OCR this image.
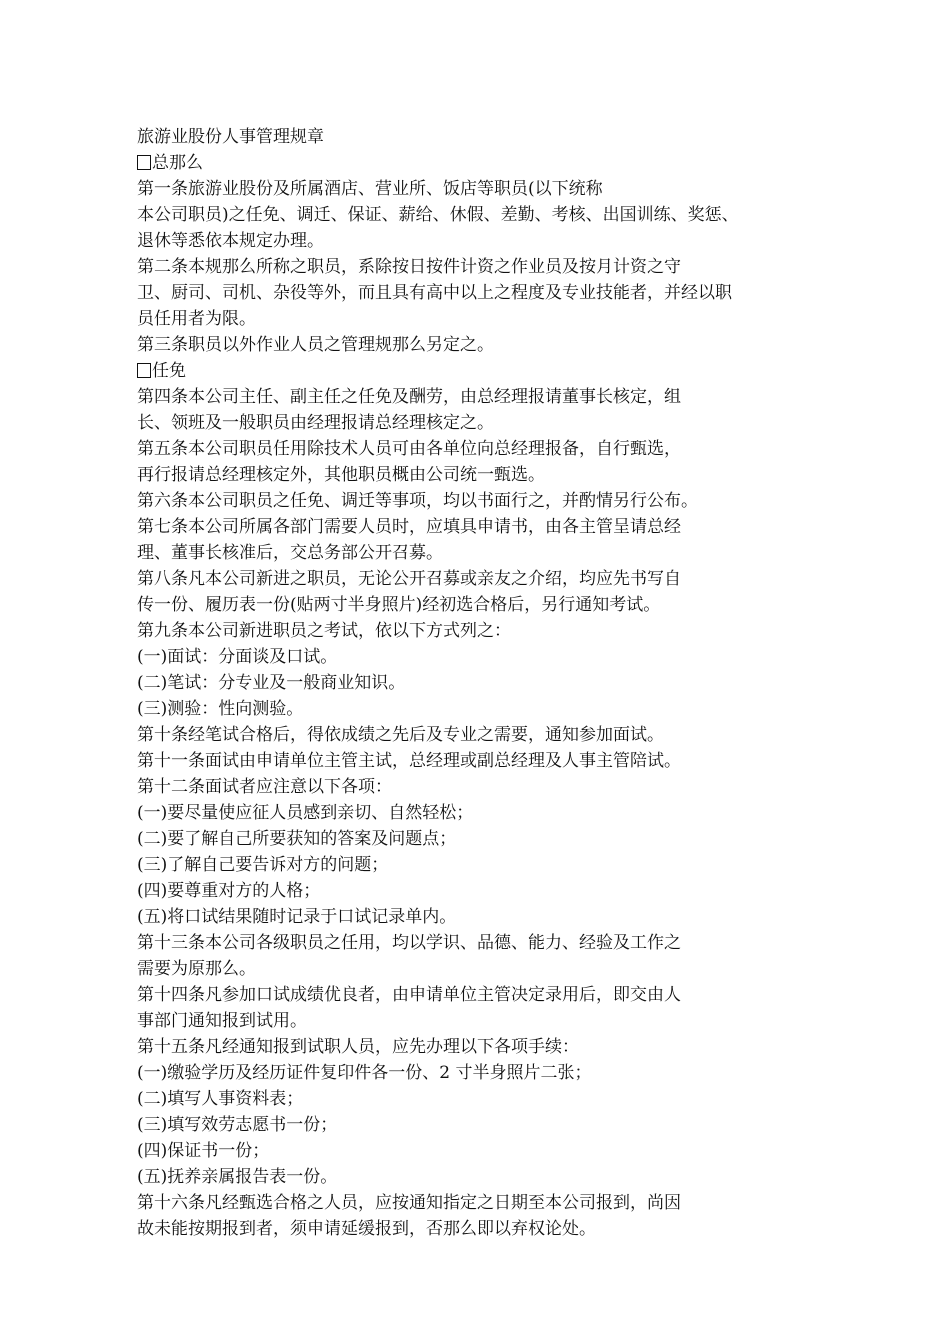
旅游业股份人事管理规章
总那么
第一条旅游业股份及所属酒店、营业所、饭店等职员(以下统称
本公司职员)之任免、调迁、保证、薪给、休假、差勤、考核、出国训练、奖惩、
退休等悉依本规定办理。
第二条本规那么所称之职员，系除按日按件计资之作业员及按月计资之守
卫、厨司、司机、杂役等外，而且具有高中以上之程度及专业技能者，并经以职
员任用者为限。
第三条职员以外作业人员之管理规那么另定之。
任免
第四条本公司主任、副主任之任免及酬劳，由总经理报请董事长核定，组
长、领班及一般职员由经理报请总经理核定之。
第五条本公司职员任用除技术人员可由各单位向总经理报备，自行甄选，
再行报请总经理核定外，其他职员概由公司统一甄选。
第六条本公司职员之任免、调迁等事项，均以书面行之，并酌情另行公布。
第七条本公司所属各部门需要人员时，应填具申请书，由各主管呈请总经
理、董事长核准后，交总务部公开召募。
第八条凡本公司新进之职员，无论公开召募或亲友之介绍，均应先书写自
传一份、履历表一份(贴两寸半身照片)经初选合格后，另行通知考试。
第九条本公司新进职员之考试，依以下方式列之：
(一)面试：分面谈及口试。
(二)笔试：分专业及一般商业知识。
(三)测验：性向测验。
第十条经笔试合格后，得依成绩之先后及专业之需要，通知参加面试。
第十一条面试由申请单位主管主试，总经理或副总经理及人事主管陪试。
第十二条面试者应注意以下各项：
(一)要尽量使应征人员感到亲切、自然轻松；
(二)要了解自己所要获知的答案及问题点；
(三)了解自己要告诉对方的问题；
(四)要尊重对方的人格；
(五)将口试结果随时记录于口试记录单内。
第十三条本公司各级职员之任用，均以学识、品德、能力、经验及工作之
需要为原那么。
第十四条凡参加口试成绩优良者，由申请单位主管决定录用后，即交由人
事部门通知报到试用。
第十五条凡经通知报到试职人员，应先办理以下各项手续：
(一)缴验学历及经历证件复印件各一份、2 寸半身照片二张；
(二)填写人事资料表；
(三)填写效劳志愿书一份；
(四)保证书一份；
(五)抚养亲属报告表一份。
第十六条凡经甄选合格之人员，应按通知指定之日期至本公司报到，尚因
故未能按期报到者，须申请延缓报到，否那么即以弃权论处。
